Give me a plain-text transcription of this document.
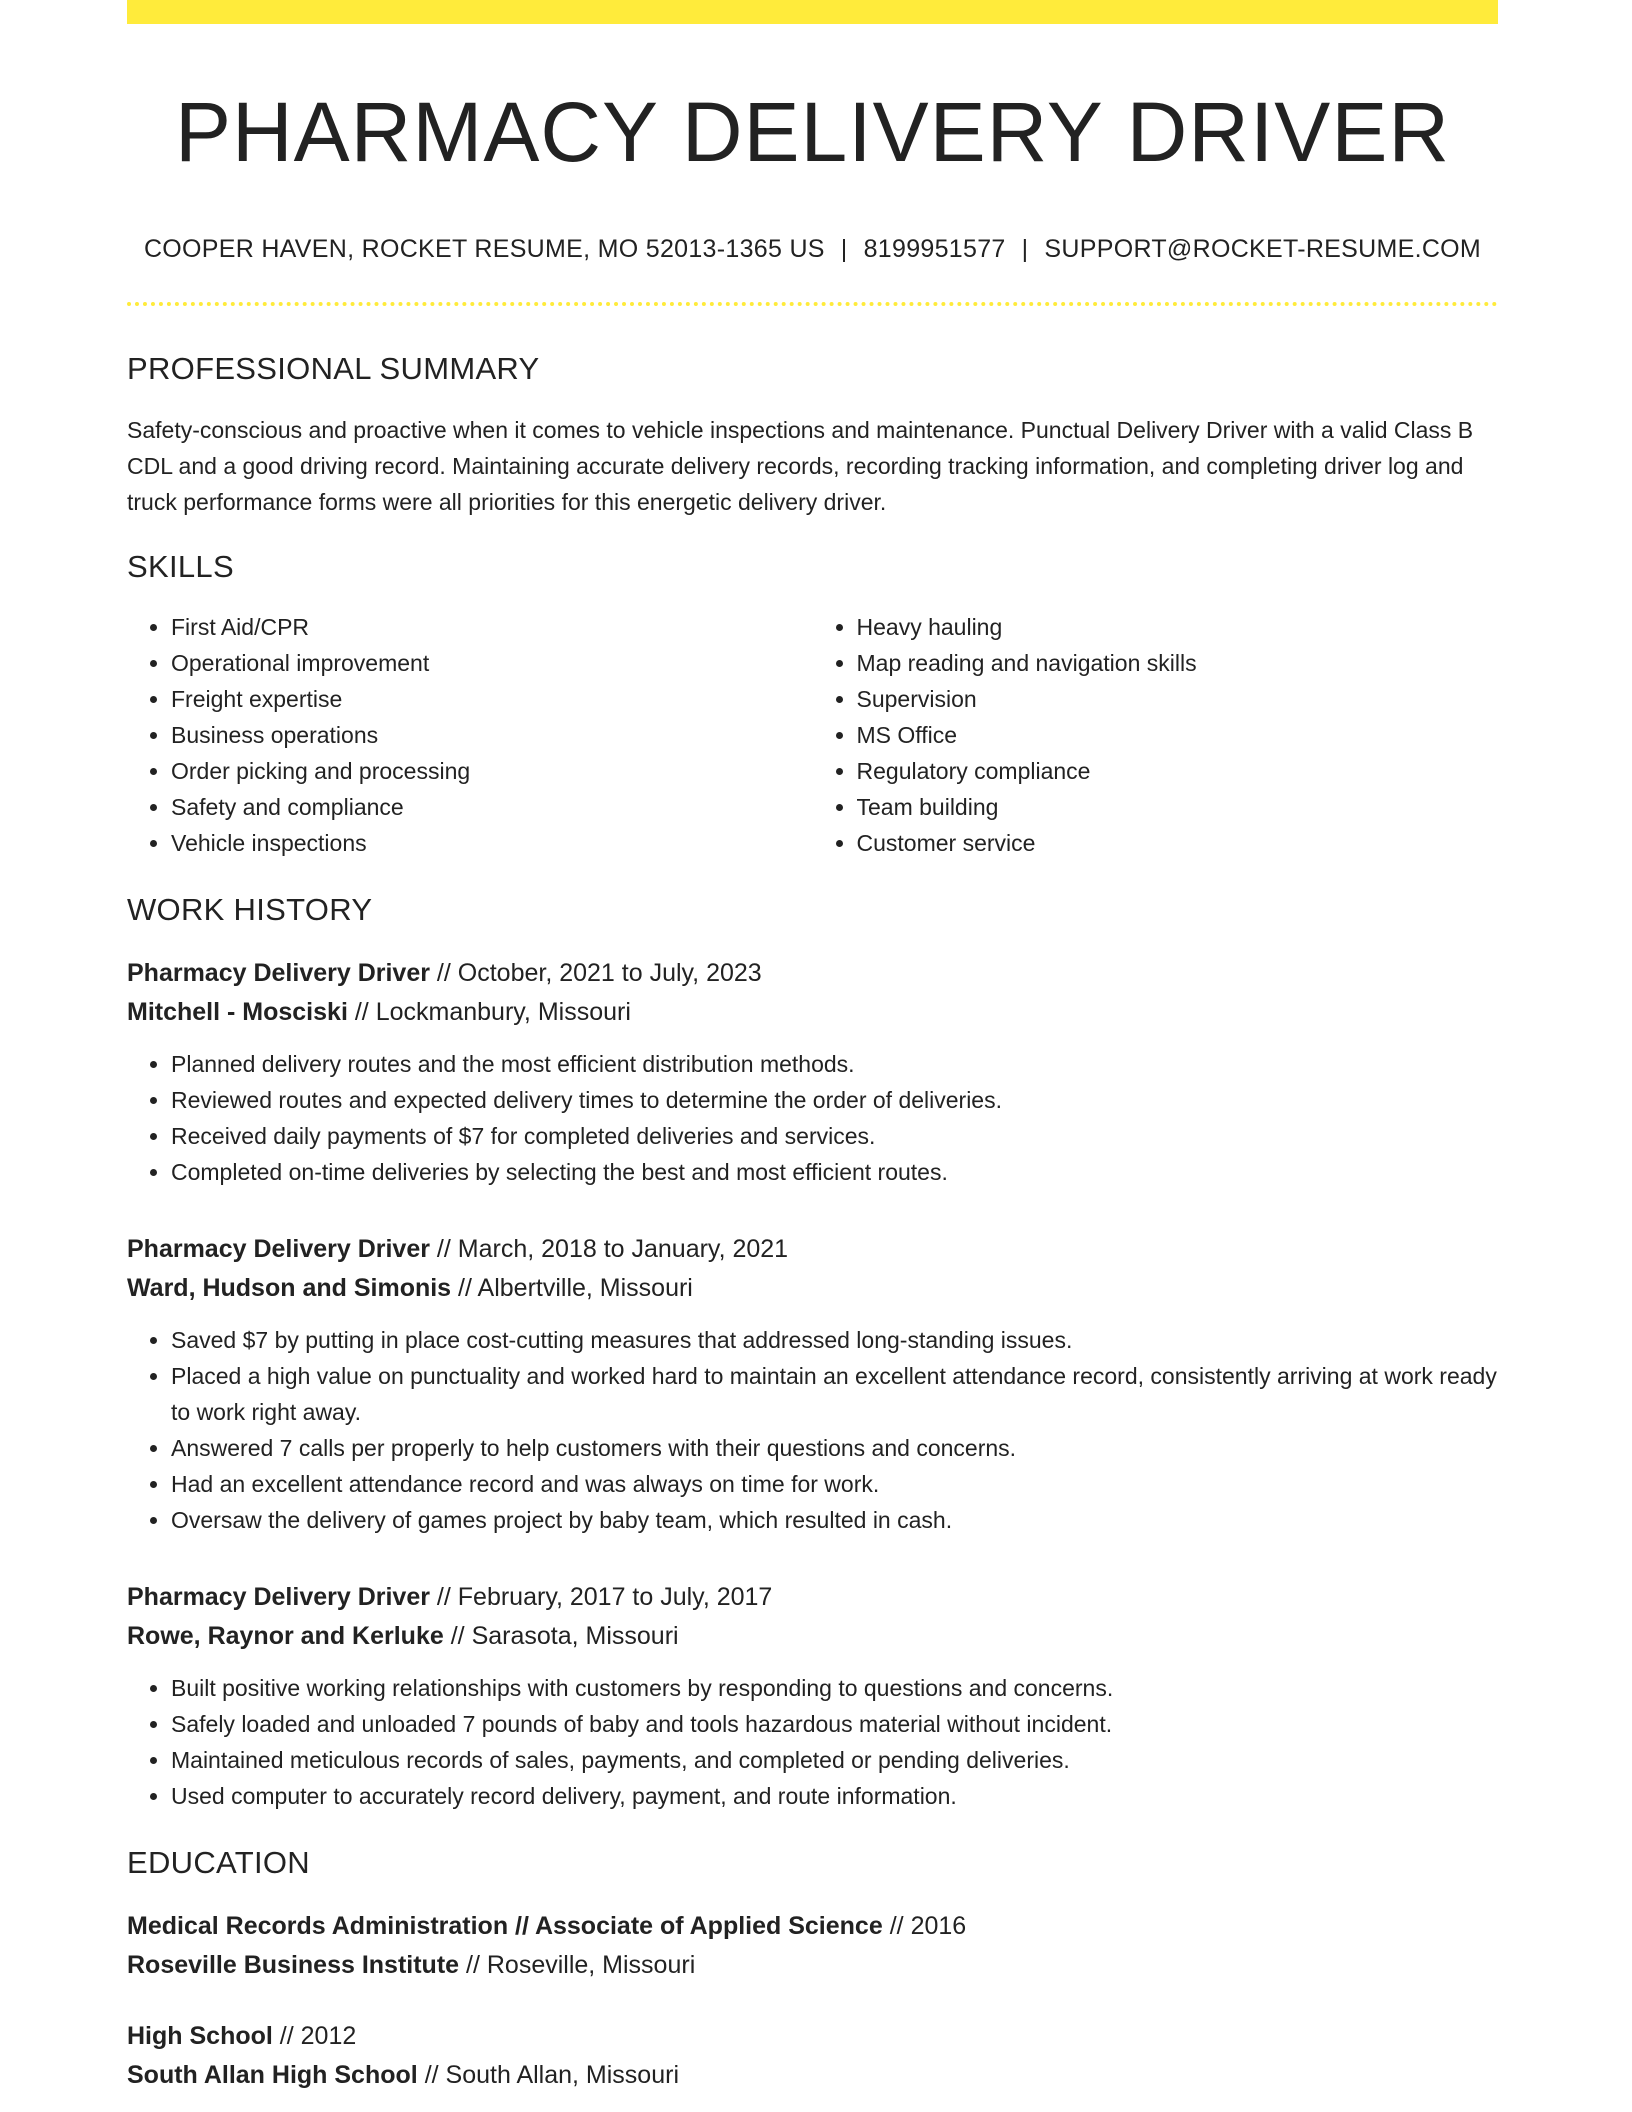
PHARMACY DELIVERY DRIVER
COOPER HAVEN, ROCKET RESUME, MO 52013-1365 US | 8199951577 | SUPPORT@ROCKET-RESUME.COM
PROFESSIONAL SUMMARY
Safety-conscious and proactive when it comes to vehicle inspections and maintenance. Punctual Delivery Driver with a valid Class B CDL and a good driving record. Maintaining accurate delivery records, recording tracking information, and completing driver log and truck performance forms were all priorities for this energetic delivery driver.
SKILLS
• First Aid/CPR
• Operational improvement
• Freight expertise
• Business operations
• Order picking and processing
• Safety and compliance
• Vehicle inspections
• Heavy hauling
• Map reading and navigation skills
• Supervision
• MS Office
• Regulatory compliance
• Team building
• Customer service
WORK HISTORY
Pharmacy Delivery Driver // October, 2021 to July, 2023
Mitchell - Mosciski // Lockmanbury, Missouri
• Planned delivery routes and the most efficient distribution methods.
• Reviewed routes and expected delivery times to determine the order of deliveries.
• Received daily payments of $7 for completed deliveries and services.
• Completed on-time deliveries by selecting the best and most efficient routes.
Pharmacy Delivery Driver // March, 2018 to January, 2021
Ward, Hudson and Simonis // Albertville, Missouri
• Saved $7 by putting in place cost-cutting measures that addressed long-standing issues.
• Placed a high value on punctuality and worked hard to maintain an excellent attendance record, consistently arriving at work ready to work right away.
• Answered 7 calls per properly to help customers with their questions and concerns.
• Had an excellent attendance record and was always on time for work.
• Oversaw the delivery of games project by baby team, which resulted in cash.
Pharmacy Delivery Driver // February, 2017 to July, 2017
Rowe, Raynor and Kerluke // Sarasota, Missouri
• Built positive working relationships with customers by responding to questions and concerns.
• Safely loaded and unloaded 7 pounds of baby and tools hazardous material without incident.
• Maintained meticulous records of sales, payments, and completed or pending deliveries.
• Used computer to accurately record delivery, payment, and route information.
EDUCATION
Medical Records Administration // Associate of Applied Science // 2016
Roseville Business Institute // Roseville, Missouri
High School // 2012
South Allan High School // South Allan, Missouri
